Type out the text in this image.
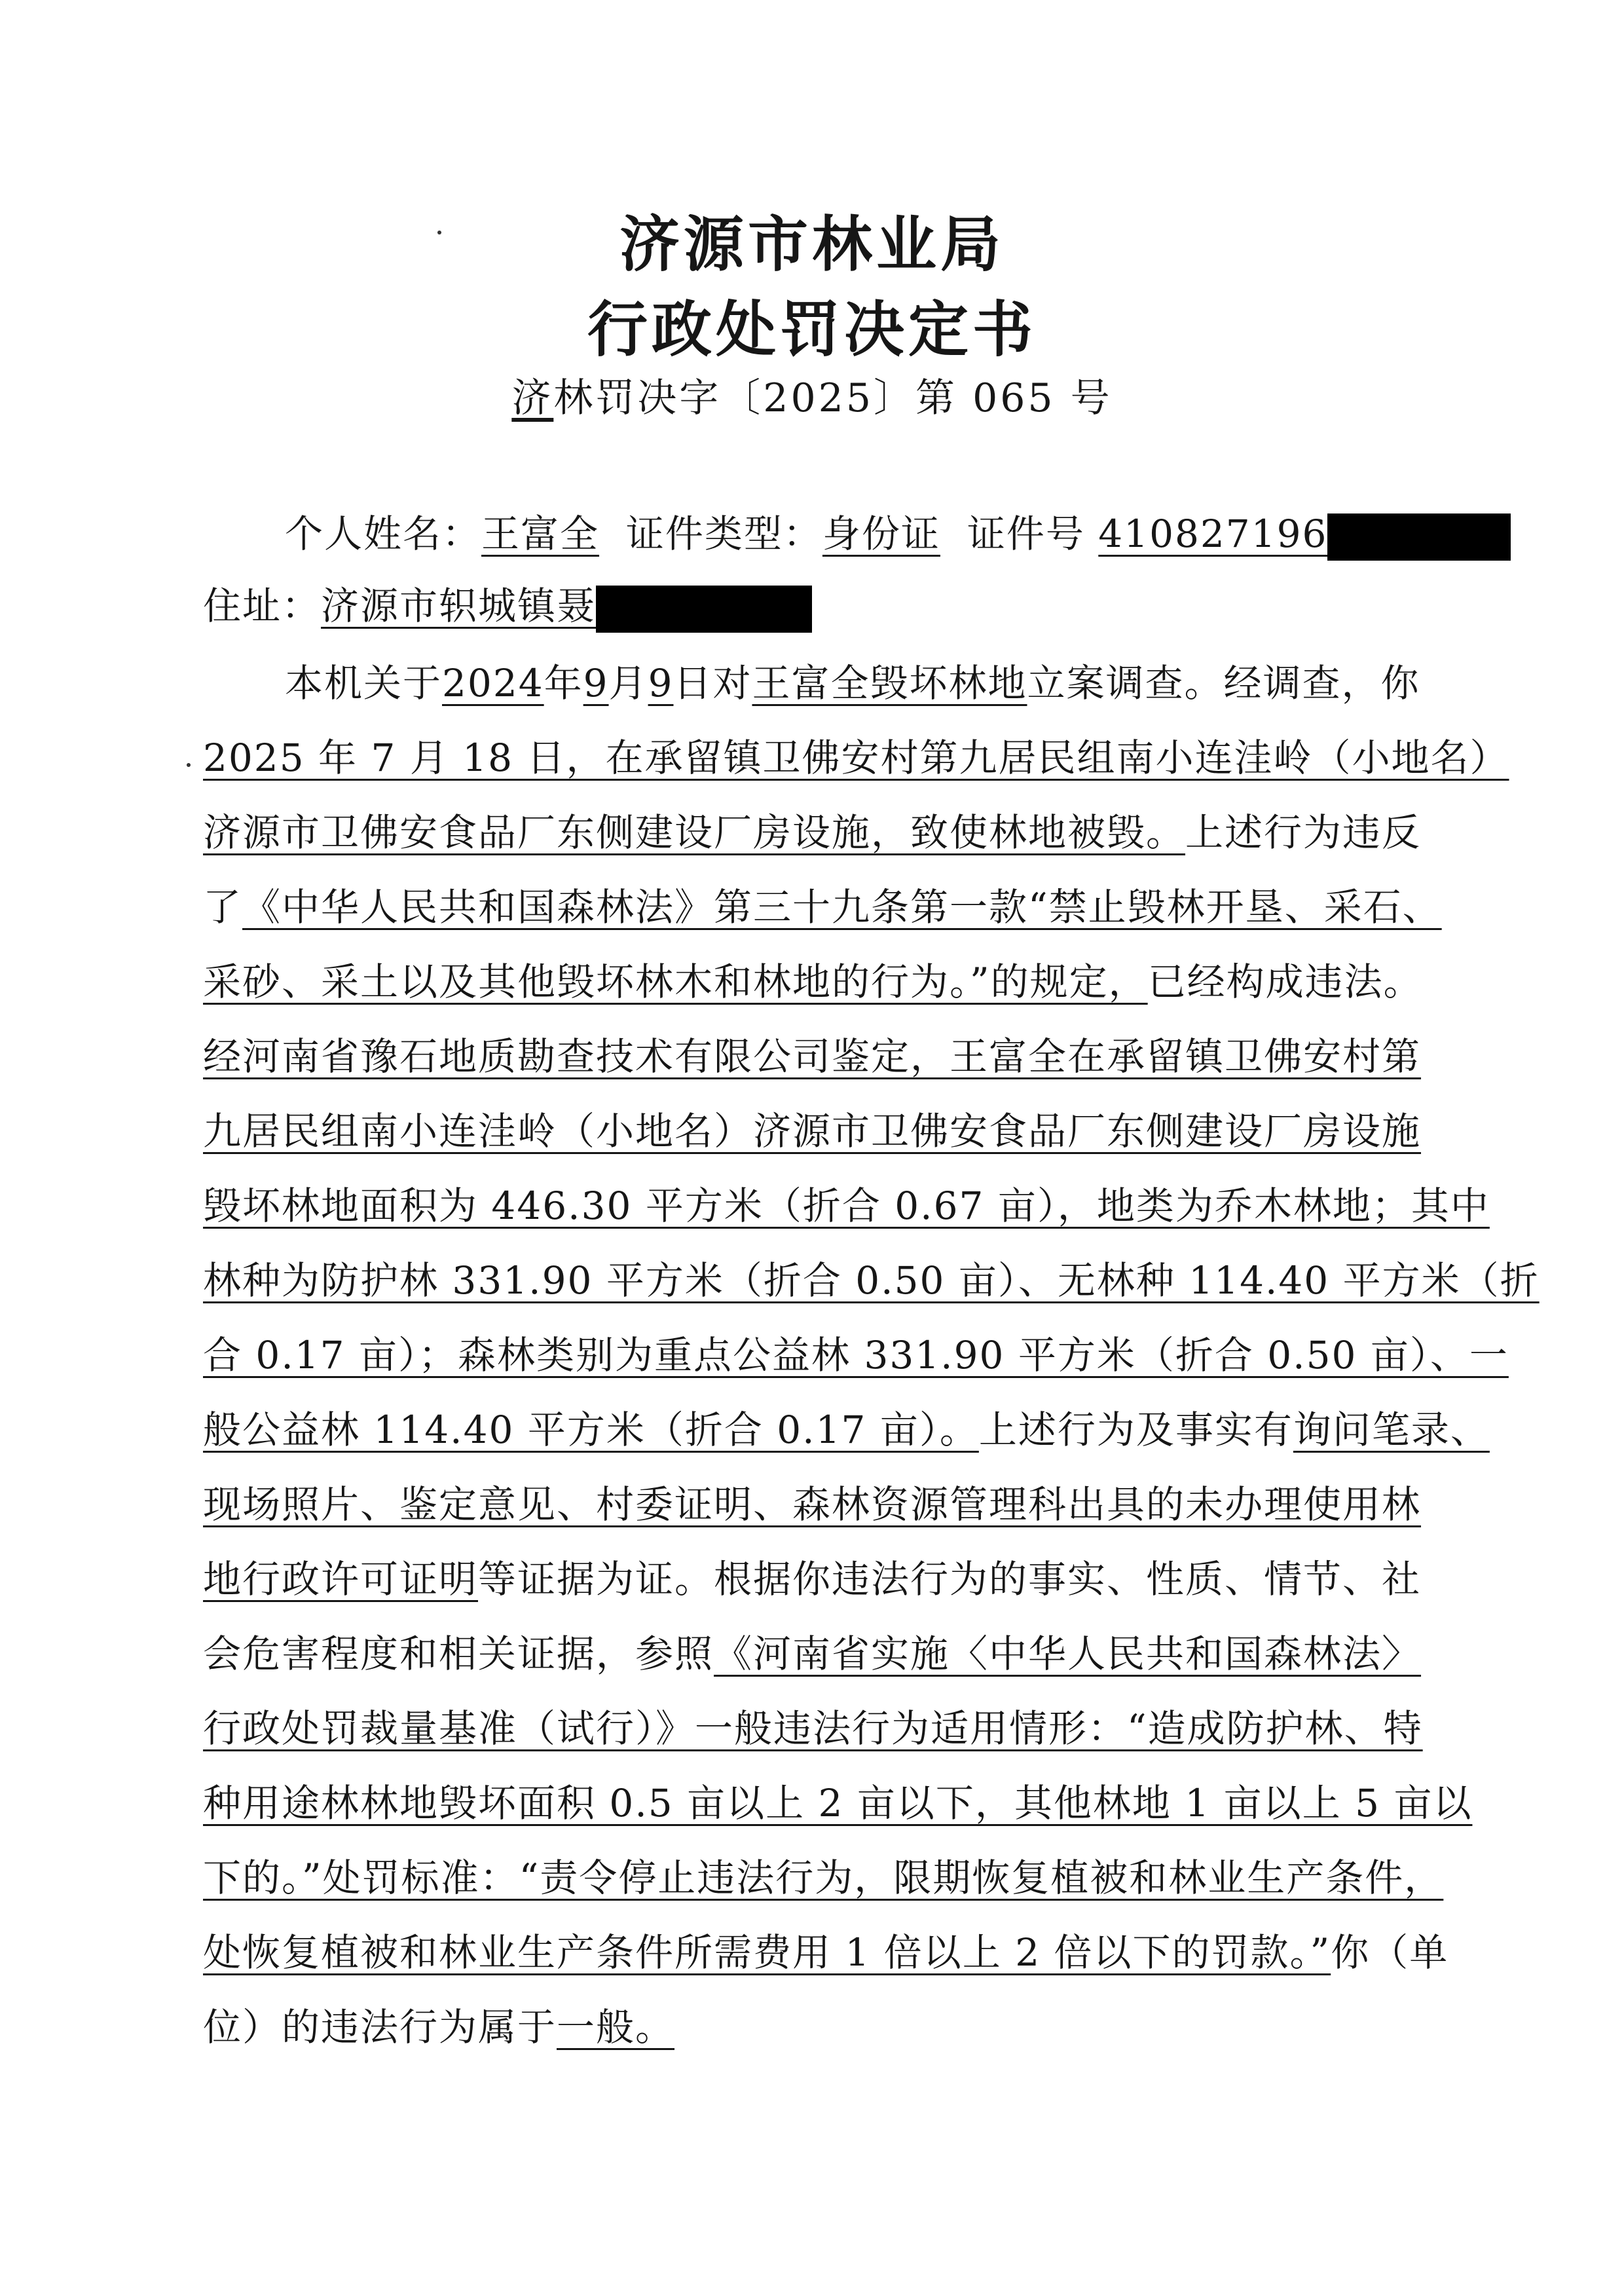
济源市林业局
行政处罚决定书
济林罚决字〔2025〕第 065 号
个人姓名：王富全 证件类型：身份证 证件号 410827196
住址：济源市轵城镇聂
本机关于2024年9月9日对王富全毁坏林地立案调查。经调查，你
2025 年 7 月 18 日，在承留镇卫佛安村第九居民组南小连洼岭（小地名）
济源市卫佛安食品厂东侧建设厂房设施，致使林地被毁。上述行为违反
了《中华人民共和国森林法》第三十九条第一款“禁止毁林开垦、采石、
采砂、采土以及其他毁坏林木和林地的行为。”的规定，已经构成违法。
经河南省豫石地质勘查技术有限公司鉴定，王富全在承留镇卫佛安村第
九居民组南小连洼岭（小地名）济源市卫佛安食品厂东侧建设厂房设施
毁坏林地面积为 446.30 平方米（折合 0.67 亩），地类为乔木林地；其中
林种为防护林 331.90 平方米（折合 0.50 亩）、无林种 114.40 平方米（折
合 0.17 亩）；森林类别为重点公益林 331.90 平方米（折合 0.50 亩）、一
般公益林 114.40 平方米（折合 0.17 亩）。上述行为及事实有询问笔录、
现场照片、鉴定意见、村委证明、森林资源管理科出具的未办理使用林
地行政许可证明等证据为证。根据你违法行为的事实、性质、情节、社
会危害程度和相关证据，参照《河南省实施〈中华人民共和国森林法〉
行政处罚裁量基准（试行）》一般违法行为适用情形：“造成防护林、特
种用途林林地毁坏面积 0.5 亩以上 2 亩以下，其他林地 1 亩以上 5 亩以
下的。”处罚标准：“责令停止违法行为，限期恢复植被和林业生产条件，
处恢复植被和林业生产条件所需费用 1 倍以上 2 倍以下的罚款。”你（单
位）的违法行为属于一般。
